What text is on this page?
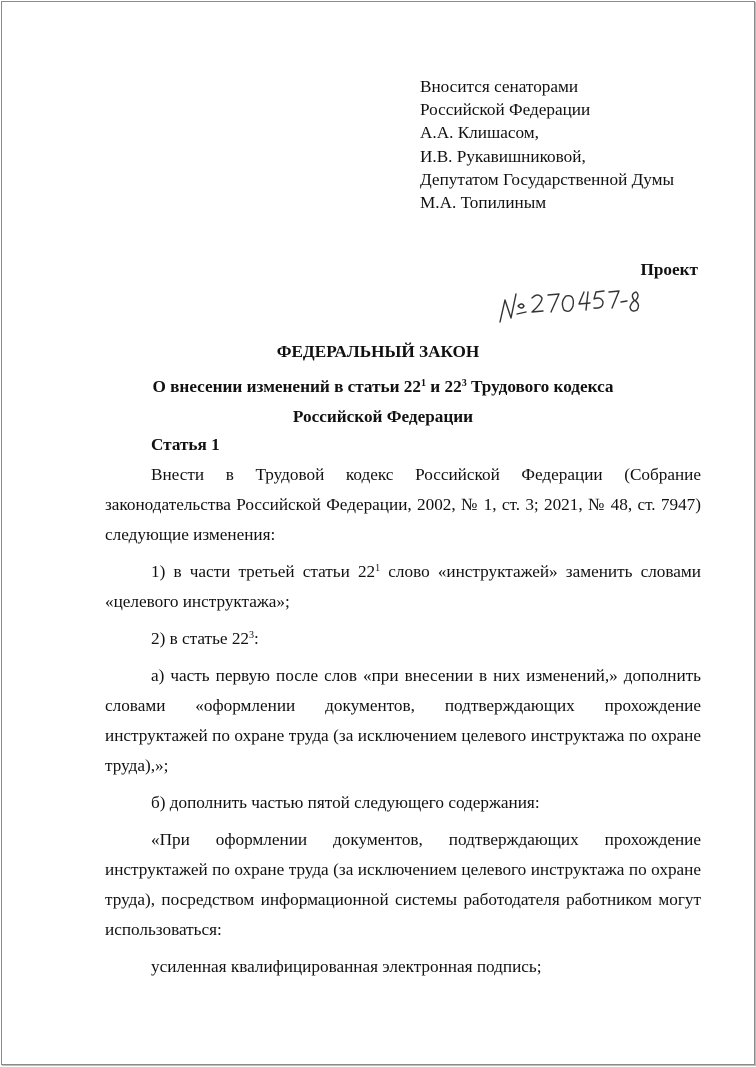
Вносится сенаторами
Российской Федерации
А.А. Клишасом,
И.В. Рукавишниковой,
Депутатом Государственной Думы
М.А. Топилиным
Проект
ФЕДЕРАЛЬНЫЙ ЗАКОН
О внесении изменений в статьи $22^1$ и $22^3$ Трудового кодекса
Российской Федерации

Статья 1

Внести в Трудовой кодекс Российской Федерации (Собрание законодательства Российской Федерации, 2002, № 1, ст. 3; 2021, № 48, ст. 7947) следующие изменения:

1) в части третьей статьи $22^1$ слово «инструктажей» заменить словами «целевого инструктажа»;

2) в статье $22^3$:

а) часть первую после слов «при внесении в них изменений,» дополнить словами «оформлении документов, подтверждающих прохождение инструктажей по охране труда (за исключением целевого инструктажа по охране труда),»;

б) дополнить частью пятой следующего содержания:

«При оформлении документов, подтверждающих прохождение инструктажей по охране труда (за исключением целевого инструктажа по охране труда), посредством информационной системы работодателя работником могут использоваться:

усиленная квалифицированная электронная подпись;
